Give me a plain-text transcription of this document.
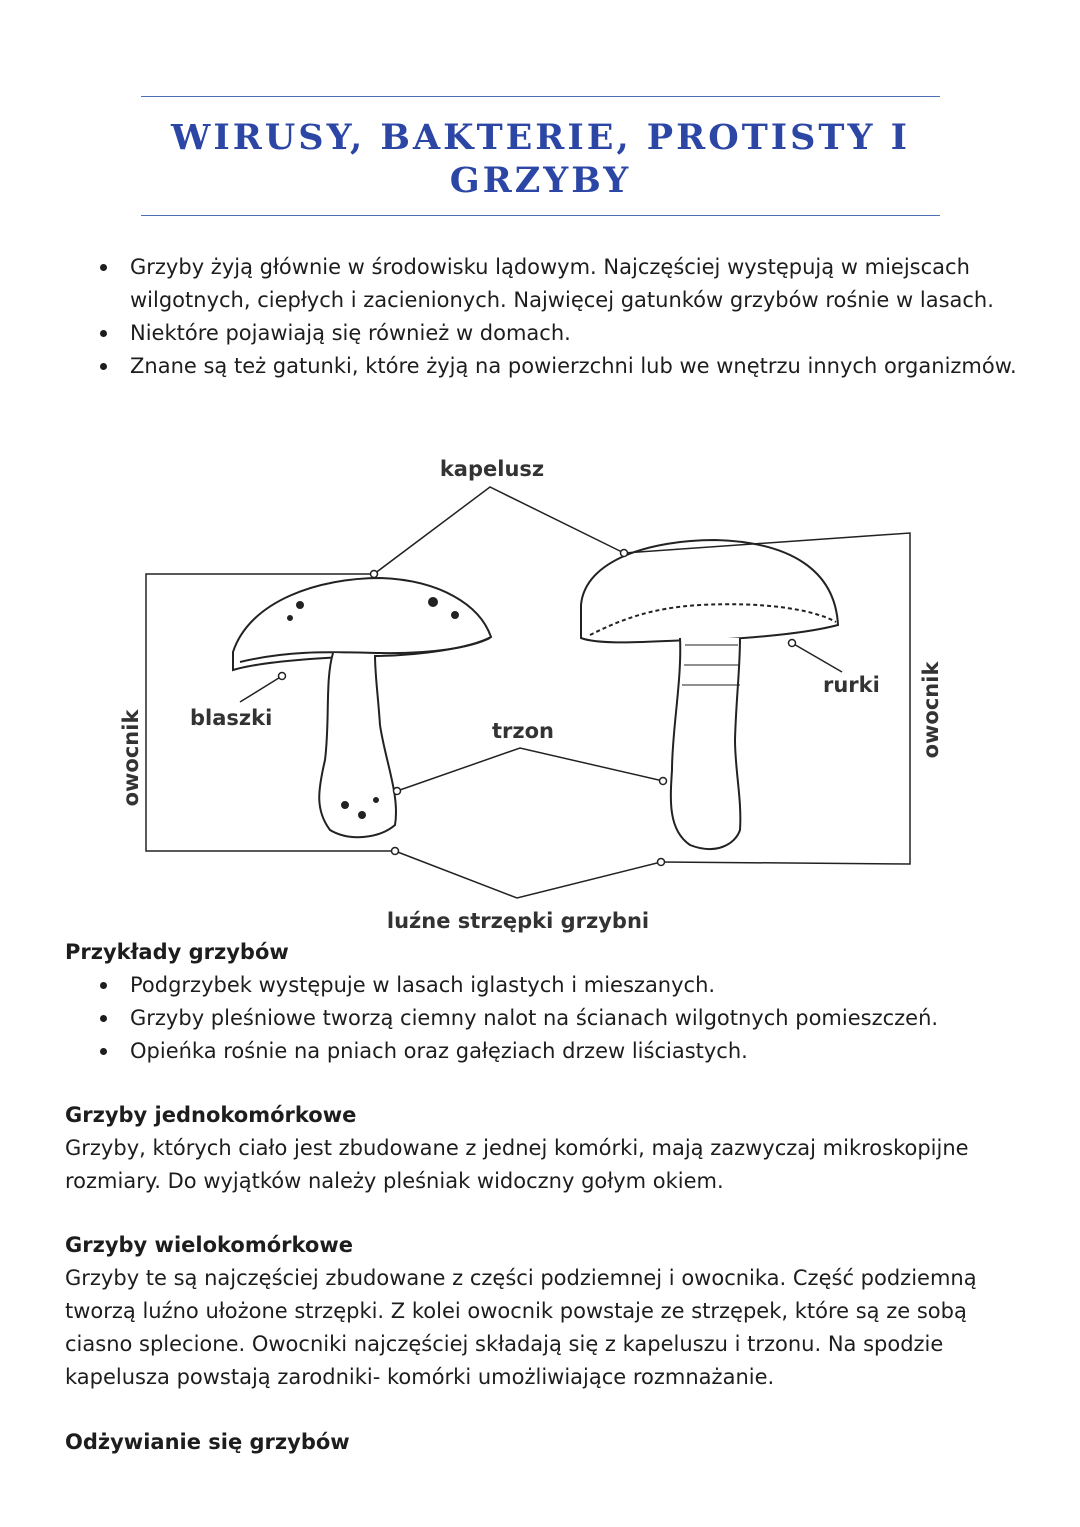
WIRUSY, BAKTERIE, PROTISTY I
GRZYBY
Grzyby żyją głównie w środowisku lądowym. Najczęściej występują w miejscach wilgotnych, ciepłych i zacienionych. Najwięcej gatunków grzybów rośnie w lasach.
Niektóre pojawiają się również w domach.
Znane są też gatunki, które żyją na powierzchni lub we wnętrzu innych organizmów.
kapelusz
blaszki
trzon
rurki
owocnik	owocnik
luźne strzępki grzybni
Przykłady grzybów
Podgrzybek występuje w lasach iglastych i mieszanych.
Grzyby pleśniowe tworzą ciemny nalot na ścianach wilgotnych pomieszczeń.
Opieńka rośnie na pniach oraz gałęziach drzew liściastych.
Grzyby jednokomórkowe

Grzyby, których ciało jest zbudowane z jednej komórki, mają zazwyczaj mikroskopijne rozmiary. Do wyjątków należy pleśniak widoczny gołym okiem.

Grzyby wielokomórkowe

Grzyby te są najczęściej zbudowane z części podziemnej i owocnika. Część podziemną tworzą luźno ułożone strzępki. Z kolei owocnik powstaje ze strzępek, które są ze sobą ciasno splecione. Owocniki najczęściej składają się z kapeluszu i trzonu. Na spodzie kapelusza powstają zarodniki- komórki umożliwiające rozmnażanie.

Odżywianie się grzybów
